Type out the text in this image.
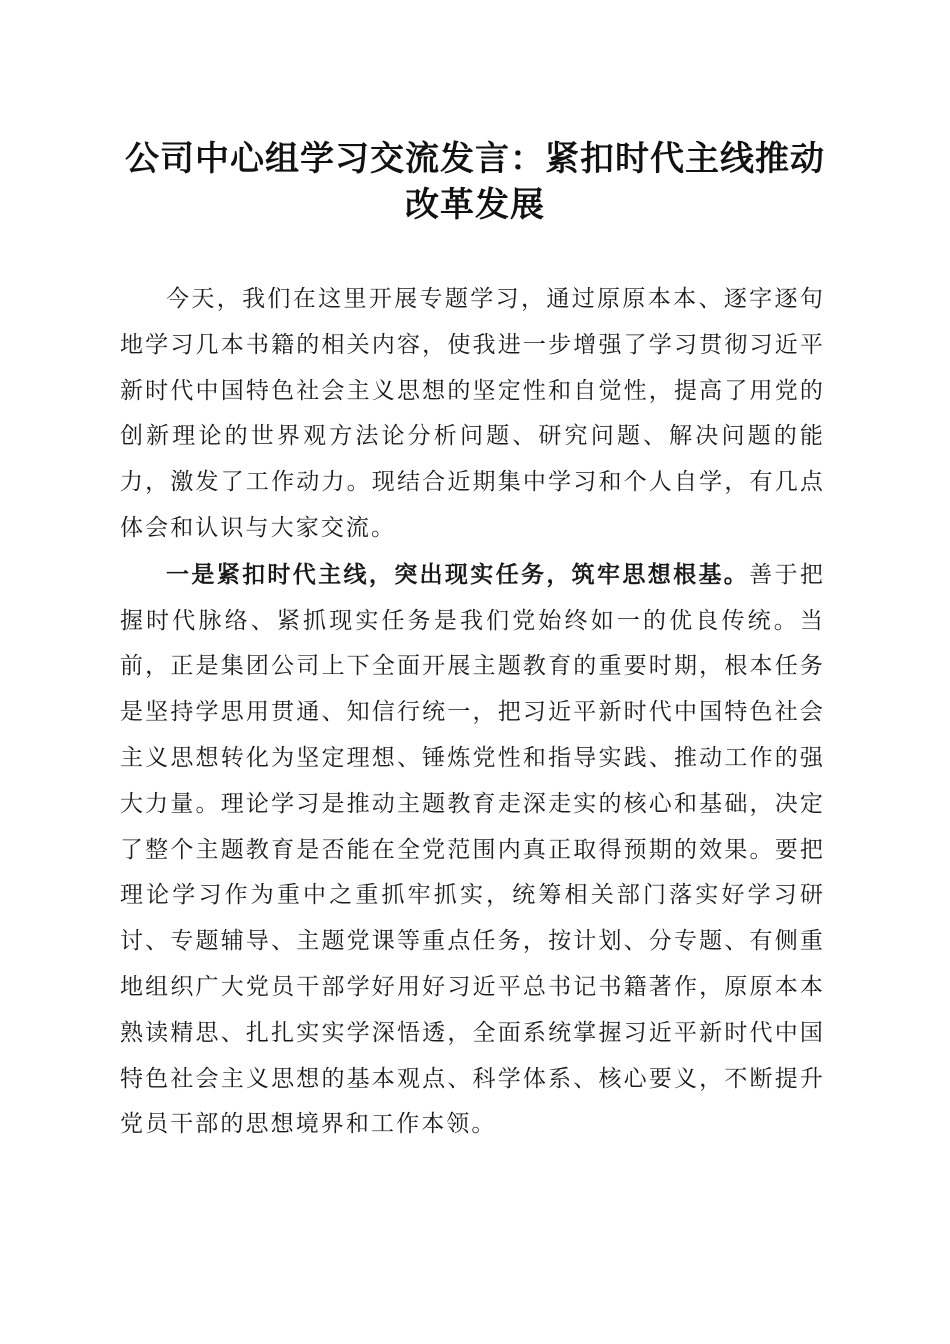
公司中心组学习交流发言：紧扣时代主线推动改革发展

今天，我们在这里开展专题学习，通过原原本本、逐字逐句地学习几本书籍的相关内容，使我进一步增强了学习贯彻习近平新时代中国特色社会主义思想的坚定性和自觉性，提高了用党的创新理论的世界观方法论分析问题、研究问题、解决问题的能力，激发了工作动力。现结合近期集中学习和个人自学，有几点体会和认识与大家交流。

一是紧扣时代主线，突出现实任务，筑牢思想根基。善于把握时代脉络、紧抓现实任务是我们党始终如一的优良传统。当前，正是集团公司上下全面开展主题教育的重要时期，根本任务是坚持学思用贯通、知信行统一，把习近平新时代中国特色社会主义思想转化为坚定理想、锤炼党性和指导实践、推动工作的强大力量。理论学习是推动主题教育走深走实的核心和基础，决定了整个主题教育是否能在全党范围内真正取得预期的效果。要把理论学习作为重中之重抓牢抓实，统筹相关部门落实好学习研讨、专题辅导、主题党课等重点任务，按计划、分专题、有侧重地组织广大党员干部学好用好习近平总书记书籍著作，原原本本熟读精思、扎扎实实学深悟透，全面系统掌握习近平新时代中国特色社会主义思想的基本观点、科学体系、核心要义，不断提升党员干部的思想境界和工作本领。
